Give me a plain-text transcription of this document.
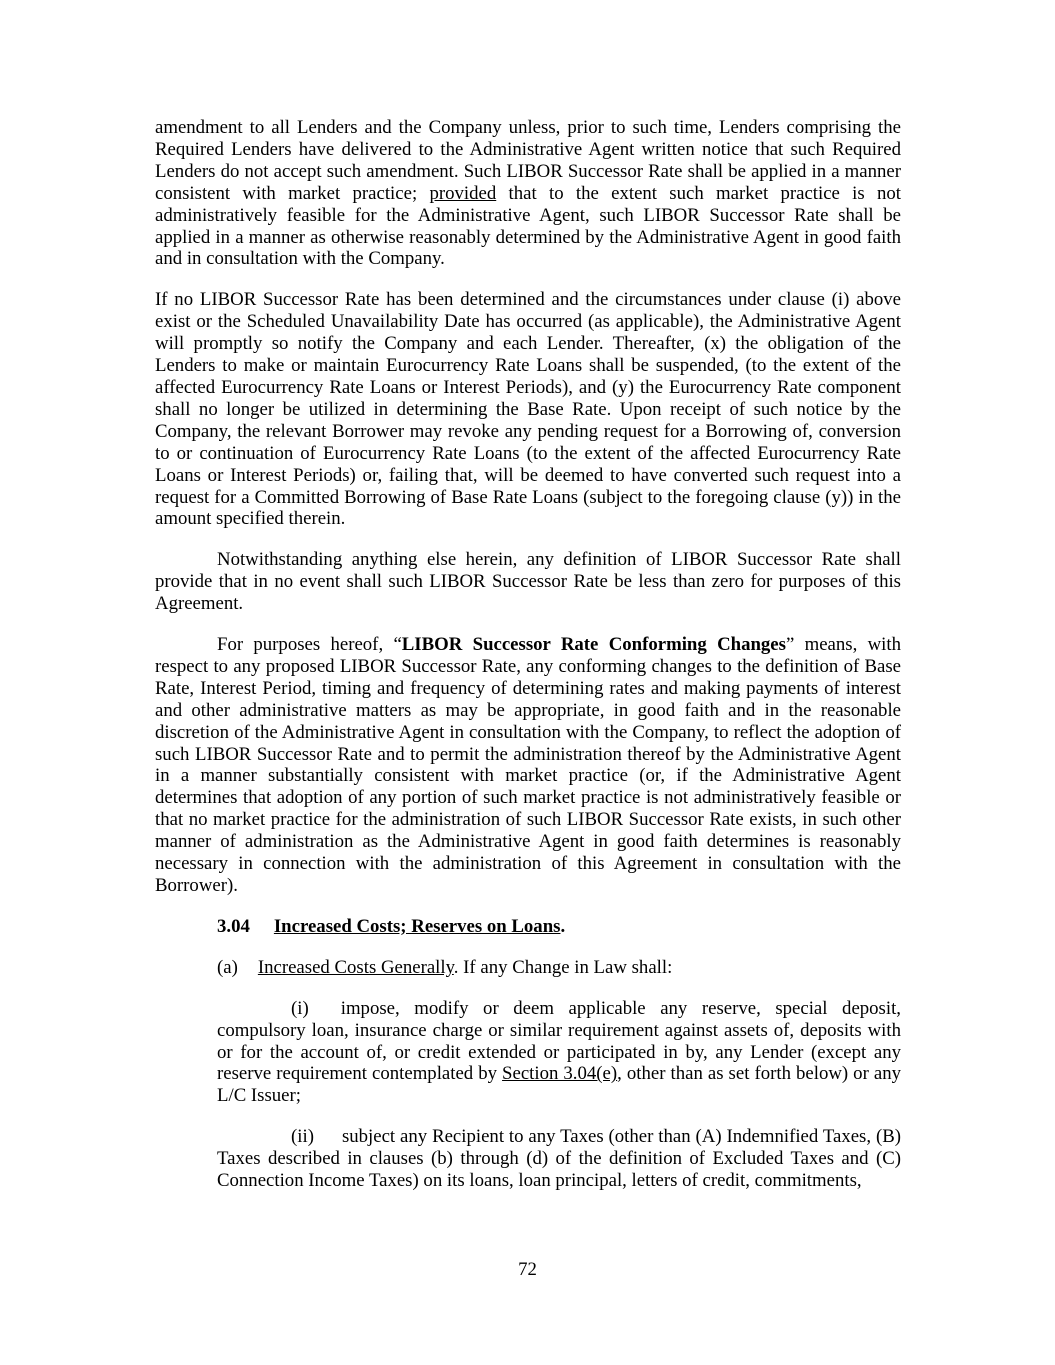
amendment to all Lenders and the Company unless, prior to such time, Lenders comprising the Required Lenders have delivered to the Administrative Agent written notice that such Required Lenders do not accept such amendment. Such LIBOR Successor Rate shall be applied in a manner consistent with market practice; provided that to the extent such market practice is not administratively feasible for the Administrative Agent, such LIBOR Successor Rate shall be applied in a manner as otherwise reasonably determined by the Administrative Agent in good faith and in consultation with the Company.

If no LIBOR Successor Rate has been determined and the circumstances under clause (i) above exist or the Scheduled Unavailability Date has occurred (as applicable), the Administrative Agent will promptly so notify the Company and each Lender. Thereafter, (x) the obligation of the Lenders to make or maintain Eurocurrency Rate Loans shall be suspended, (to the extent of the affected Eurocurrency Rate Loans or Interest Periods), and (y) the Eurocurrency Rate component shall no longer be utilized in determining the Base Rate. Upon receipt of such notice by the Company, the relevant Borrower may revoke any pending request for a Borrowing of, conversion to or continuation of Eurocurrency Rate Loans (to the extent of the affected Eurocurrency Rate Loans or Interest Periods) or, failing that, will be deemed to have converted such request into a request for a Committed Borrowing of Base Rate Loans (subject to the foregoing clause (y)) in the amount specified therein.

Notwithstanding anything else herein, any definition of LIBOR Successor Rate shall provide that in no event shall such LIBOR Successor Rate be less than zero for purposes of this Agreement.

For purposes hereof, “LIBOR Successor Rate Conforming Changes” means, with respect to any proposed LIBOR Successor Rate, any conforming changes to the definition of Base Rate, Interest Period, timing and frequency of determining rates and making payments of interest and other administrative matters as may be appropriate, in good faith and in the reasonable discretion of the Administrative Agent in consultation with the Company, to reflect the adoption of such LIBOR Successor Rate and to permit the administration thereof by the Administrative Agent in a manner substantially consistent with market practice (or, if the Administrative Agent determines that adoption of any portion of such market practice is not administratively feasible or that no market practice for the administration of such LIBOR Successor Rate exists, in such other manner of administration as the Administrative Agent in good faith determines is reasonably necessary in connection with the administration of this Agreement in consultation with the Borrower).

3.04 Increased Costs; Reserves on Loans.

(a) Increased Costs Generally. If any Change in Law shall:

(i) impose, modify or deem applicable any reserve, special deposit, compulsory loan, insurance charge or similar requirement against assets of, deposits with or for the account of, or credit extended or participated in by, any Lender (except any reserve requirement contemplated by Section 3.04(e), other than as set forth below) or any L/C Issuer;

(ii) subject any Recipient to any Taxes (other than (A) Indemnified Taxes, (B) Taxes described in clauses (b) through (d) of the definition of Excluded Taxes and (C) Connection Income Taxes) on its loans, loan principal, letters of credit, commitments,

72
